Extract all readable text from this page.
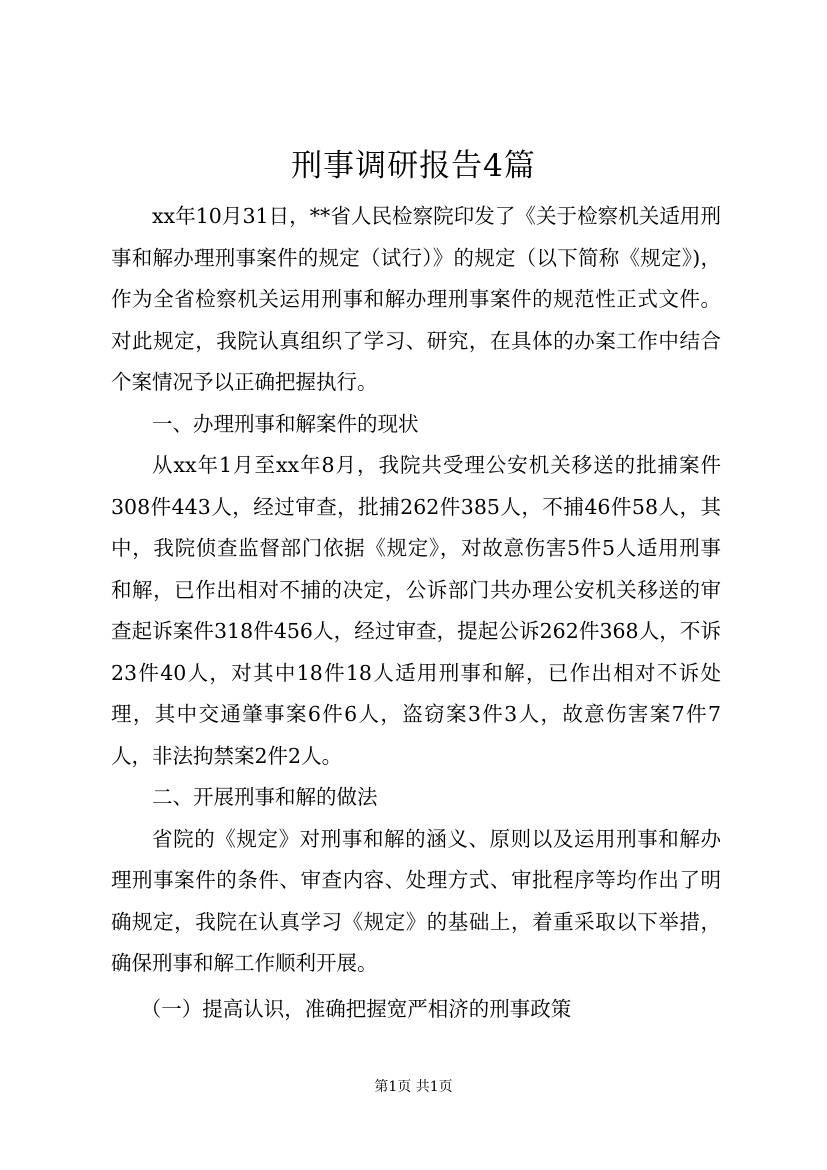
刑事调研报告4篇

xx年10月31日，**省人民检察院印发了《关于检察机关适用刑事和解办理刑事案件的规定（试行）》的规定（以下简称《规定》)，作为全省检察机关运用刑事和解办理刑事案件的规范性正式文件。对此规定，我院认真组织了学习、研究，在具体的办案工作中结合个案情况予以正确把握执行。

一、办理刑事和解案件的现状

从xx年1月至xx年8月，我院共受理公安机关移送的批捕案件308件443人，经过审查，批捕262件385人，不捕46件58人，其中，我院侦查监督部门依据《规定》，对故意伤害5件5人适用刑事和解，已作出相对不捕的决定，公诉部门共办理公安机关移送的审查起诉案件318件456人，经过审查，提起公诉262件368人，不诉23件40人，对其中18件18人适用刑事和解，已作出相对不诉处理，其中交通肇事案6件6人，盗窃案3件3人，故意伤害案7件7人，非法拘禁案2件2人。

二、开展刑事和解的做法

省院的《规定》对刑事和解的涵义、原则以及运用刑事和解办理刑事案件的条件、审查内容、处理方式、审批程序等均作出了明确规定，我院在认真学习《规定》的基础上，着重采取以下举措，确保刑事和解工作顺利开展。

（一）提高认识，准确把握宽严相济的刑事政策

第1页 共1页
